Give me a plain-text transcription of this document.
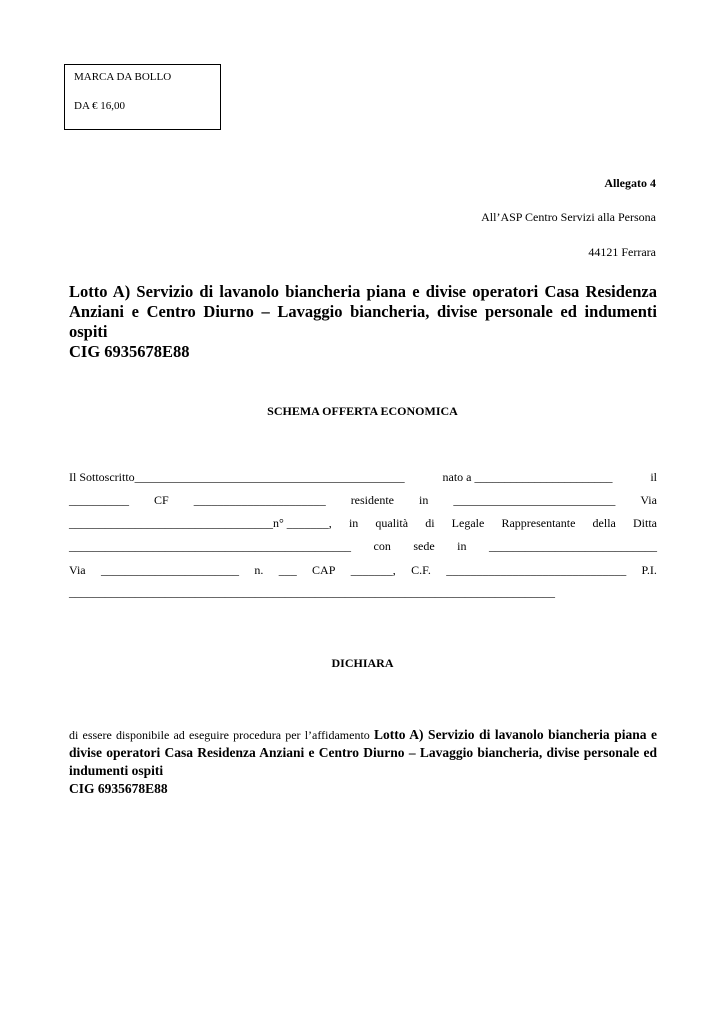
MARCA DA BOLLO
DA € 16,00
Allegato 4
All’ASP Centro Servizi alla Persona
44121 Ferrara
Lotto A) Servizio di lavanolo biancheria piana e divise operatori Casa Residenza Anziani e Centro Diurno – Lavaggio biancheria, divise personale ed indumenti ospiti
CIG 6935678E88
SCHEMA OFFERTA ECONOMICA
Il Sottoscritto_____________________________________________	nato a _______________________	il
__________ CF ______________________ residente in ___________________________ Via
__________________________________n° _______, in qualità di Legale Rappresentante della Ditta
_______________________________________________ con sede in ____________________________
Via _______________________ n. ___ CAP _______, C.F. ______________________________ P.I.
_________________________________________________________________________________
DICHIARA
di essere disponibile ad eseguire procedura per l’affidamento Lotto A) Servizio di lavanolo biancheria piana e divise operatori Casa Residenza Anziani e Centro Diurno – Lavaggio biancheria, divise personale ed indumenti ospiti
CIG 6935678E88
